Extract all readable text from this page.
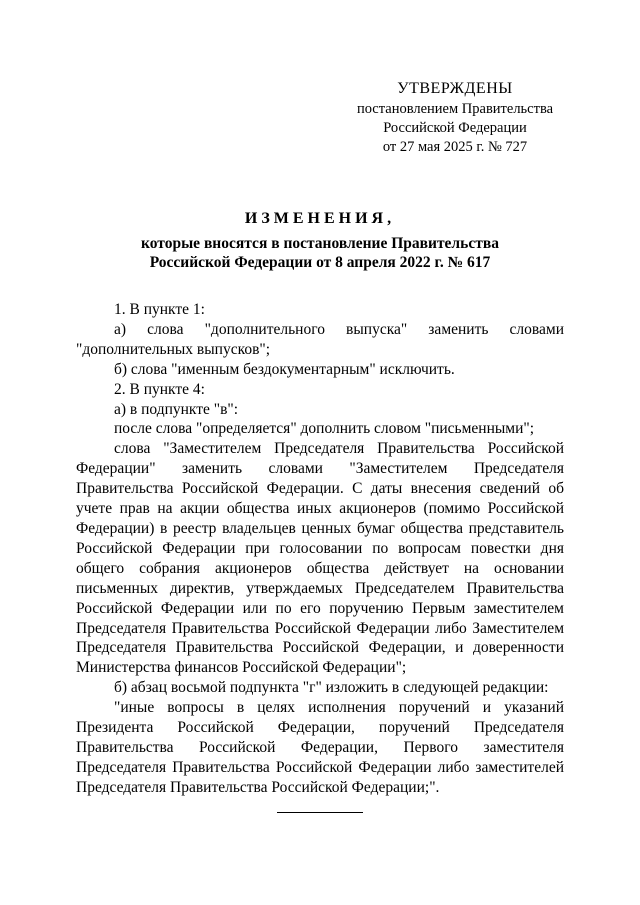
УТВЕРЖДЕНЫ
постановлением Правительства
Российской Федерации
от 27 мая 2025 г. № 727
ИЗМЕНЕНИЯ,
которые вносятся в постановление Правительства
Российской Федерации от 8 апреля 2022 г. № 617

1. В пункте 1:

а) слова "дополнительного выпуска" заменить словами "дополнительных выпусков";

б) слова "именным бездокументарным" исключить.

2. В пункте 4:

а) в подпункте "в":

после слова "определяется" дополнить словом "письменными";

слова "Заместителем Председателя Правительства Российской Федерации" заменить словами "Заместителем Председателя Правительства Российской Федерации. С даты внесения сведений об учете прав на акции общества иных акционеров (помимо Российской Федерации) в реестр владельцев ценных бумаг общества представитель Российской Федерации при голосовании по вопросам повестки дня общего собрания акционеров общества действует на основании письменных директив, утверждаемых Председателем Правительства Российской Федерации или по его поручению Первым заместителем Председателя Правительства Российской Федерации либо Заместителем Председателя Правительства Российской Федерации, и доверенности Министерства финансов Российской Федерации";

б) абзац восьмой подпункта "г" изложить в следующей редакции:

"иные вопросы в целях исполнения поручений и указаний Президента Российской Федерации, поручений Председателя Правительства Российской Федерации, Первого заместителя Председателя Правительства Российской Федерации либо заместителей Председателя Правительства Российской Федерации;".
